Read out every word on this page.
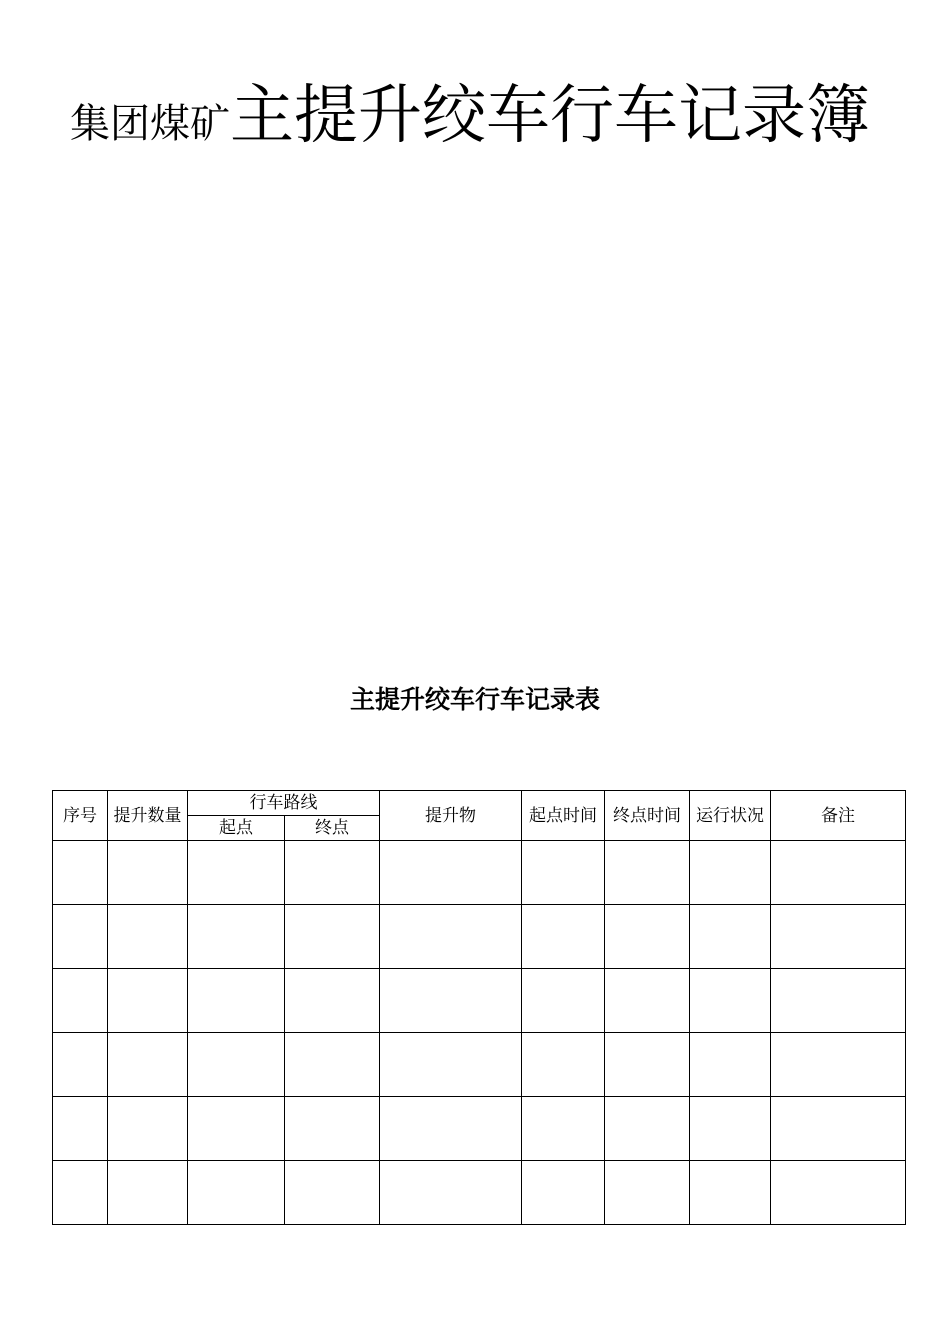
集团煤矿主提升绞车行车记录簿
主提升绞车行车记录表
序号	提升数量	行车路线		提升物	起点时间	终点时间	运行状况	备注
		起点	终点					
